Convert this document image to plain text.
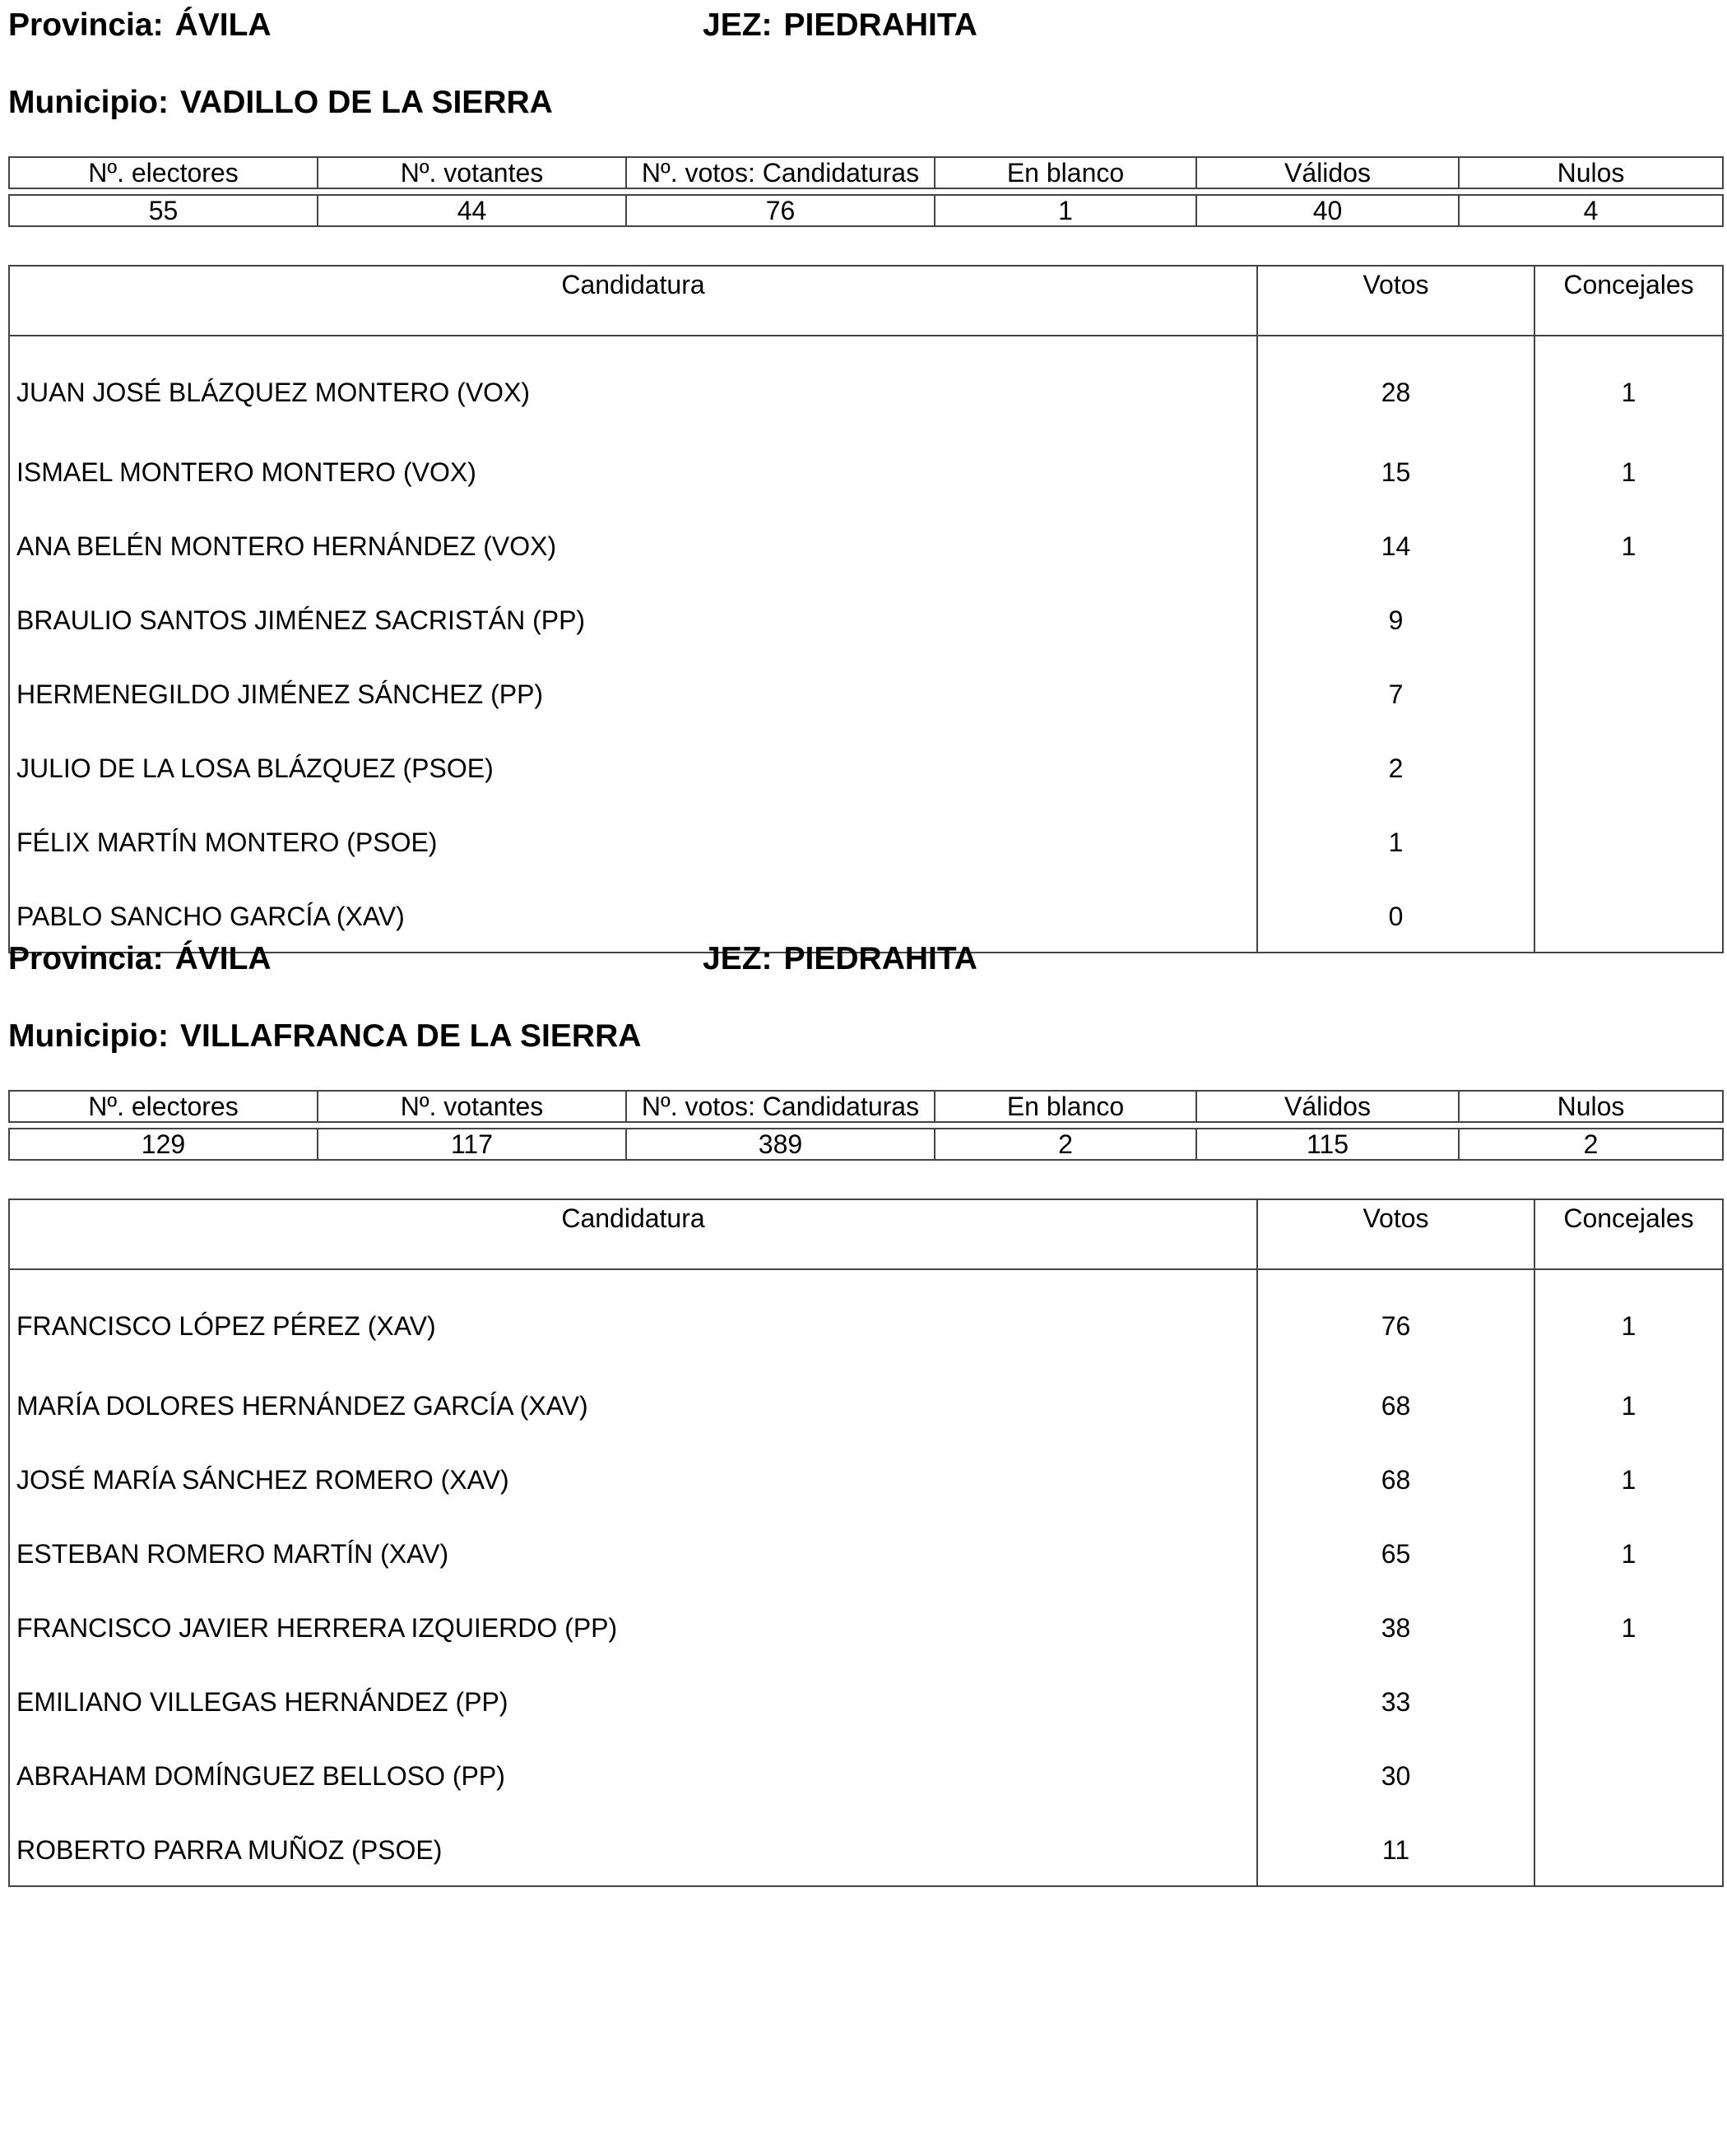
Provincia: ÁVILA	JEZ: PIEDRAHITA
Municipio: VADILLO DE LA SIERRA
Nº. electores	Nº. votantes	Nº. votos: Candidaturas	En blanco	Válidos	Nulos

55	44	76	1	40	4
Candidatura	Votos	Concejales
JUAN JOSÉ BLÁZQUEZ MONTERO (VOX)	28	1
ISMAEL MONTERO MONTERO (VOX)	15	1
ANA BELÉN MONTERO HERNÁNDEZ (VOX)	14	1
BRAULIO SANTOS JIMÉNEZ SACRISTÁN (PP)	9	
HERMENEGILDO JIMÉNEZ SÁNCHEZ (PP)	7	
JULIO DE LA LOSA BLÁZQUEZ (PSOE)	2	
FÉLIX MARTÍN MONTERO (PSOE)	1	
PABLO SANCHO GARCÍA (XAV)	0	
Provincia: ÁVILA	JEZ: PIEDRAHITA
Municipio: VILLAFRANCA DE LA SIERRA
Nº. electores	Nº. votantes	Nº. votos: Candidaturas	En blanco	Válidos	Nulos

129	117	389	2	115	2
Candidatura	Votos	Concejales
FRANCISCO LÓPEZ PÉREZ (XAV)	76	1
MARÍA DOLORES HERNÁNDEZ GARCÍA (XAV)	68	1
JOSÉ MARÍA SÁNCHEZ ROMERO (XAV)	68	1
ESTEBAN ROMERO MARTÍN (XAV)	65	1
FRANCISCO JAVIER HERRERA IZQUIERDO (PP)	38	1
EMILIANO VILLEGAS HERNÁNDEZ (PP)	33	
ABRAHAM DOMÍNGUEZ BELLOSO (PP)	30	
ROBERTO PARRA MUÑOZ (PSOE)	11	
